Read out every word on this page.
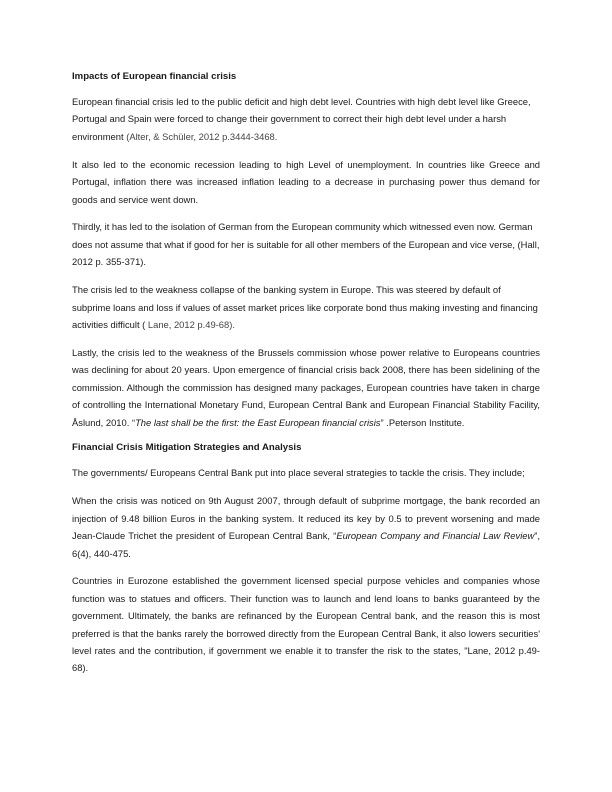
Impacts of European financial crisis

European financial crisis led to the public deficit and high debt level. Countries with high debt level like Greece, Portugal and Spain were forced to change their government to correct their high debt level under a harsh environment (Alter, & Schüler, 2012 p.3444-3468.

It also led to the economic recession leading to high Level of unemployment. In countries like Greece and Portugal, inflation there was increased inflation leading to a decrease in purchasing power thus demand for goods and service went down.

Thirdly, it has led to the isolation of German from the European community which witnessed even now. German does not assume that what if good for her is suitable for all other members of the European and vice verse, (Hall, 2012 p. 355-371).

The crisis led to the weakness collapse of the banking system in Europe. This was steered by default of subprime loans and loss if values of asset market prices like corporate bond thus making investing and financing activities difficult ( Lane, 2012 p.49-68).

Lastly, the crisis led to the weakness of the Brussels commission whose power relative to Europeans countries was declining for about 20 years. Upon emergence of financial crisis back 2008, there has been sidelining of the commission. Although the commission has designed many packages, European countries have taken in charge of controlling the International Monetary Fund, European Central Bank and European Financial Stability Facility, Åslund, 2010. “The last shall be the first: the East European financial crisis” .Peterson Institute.

Financial Crisis Mitigation Strategies and Analysis

The governments/ Europeans Central Bank put into place several strategies to tackle the crisis. They include;

When the crisis was noticed on 9th August 2007, through default of subprime mortgage, the bank recorded an injection of 9.48 billion Euros in the banking system. It reduced its key by 0.5 to prevent worsening and made Jean-Claude Trichet the president of European Central Bank, “European Company and Financial Law Review”, 6(4), 440-475.

Countries in Eurozone established the government licensed special purpose vehicles and companies whose function was to statues and officers. Their function was to launch and lend loans to banks guaranteed by the government. Ultimately, the banks are refinanced by the European Central bank, and the reason this is most preferred is that the banks rarely the borrowed directly from the European Central Bank, it also lowers securities' level rates and the contribution, if government we enable it to transfer the risk to the states, "Lane, 2012 p.49-68).
